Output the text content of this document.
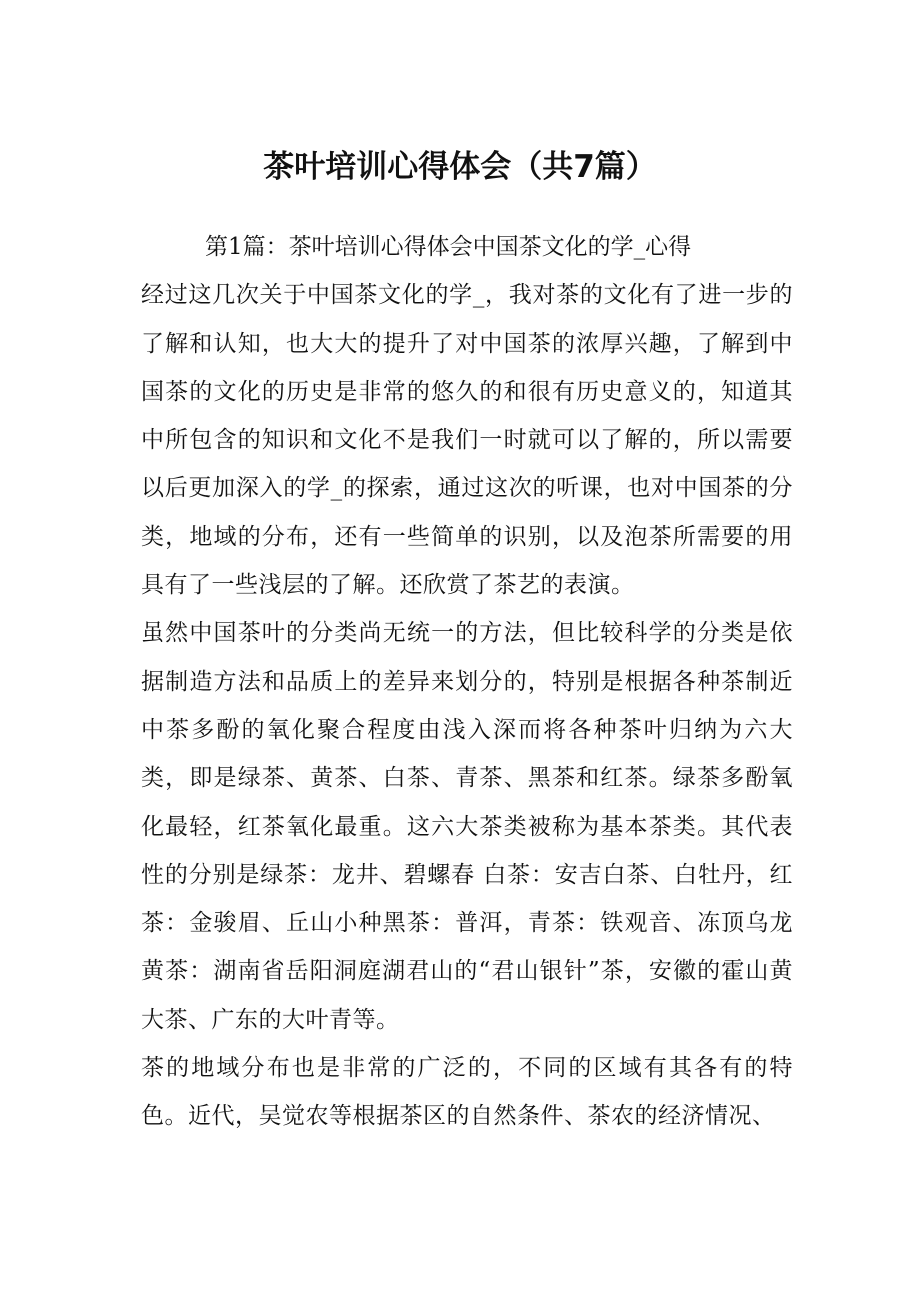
茶叶培训心得体会（共7篇）

第1篇：茶叶培训心得体会中国茶文化的学_心得

经过这几次关于中国茶文化的学_，我对茶的文化有了进一步的了解和认知，也大大的提升了对中国茶的浓厚兴趣，了解到中国茶的文化的历史是非常的悠久的和很有历史意义的，知道其中所包含的知识和文化不是我们一时就可以了解的，所以需要以后更加深入的学_的探索，通过这次的听课，也对中国茶的分类，地域的分布，还有一些简单的识别，以及泡茶所需要的用具有了一些浅层的了解。还欣赏了茶艺的表演。

虽然中国茶叶的分类尚无统一的方法，但比较科学的分类是依据制造方法和品质上的差异来划分的，特别是根据各种茶制近中茶多酚的氧化聚合程度由浅入深而将各种茶叶归纳为六大类，即是绿茶、黄茶、白茶、青茶、黑茶和红茶。绿茶多酚氧化最轻，红茶氧化最重。这六大茶类被称为基本茶类。其代表性的分别是绿茶：龙井、碧螺春 白茶：安吉白茶、白牡丹，红茶：金骏眉、丘山小种黑茶：普洱，青茶：铁观音、冻顶乌龙 黄茶：湖南省岳阳洞庭湖君山的“君山银针”茶，安徽的霍山黄大茶、广东的大叶青等。

茶的地域分布也是非常的广泛的，不同的区域有其各有的特色。近代，吴觉农等根据茶区的自然条件、茶农的经济情况、
